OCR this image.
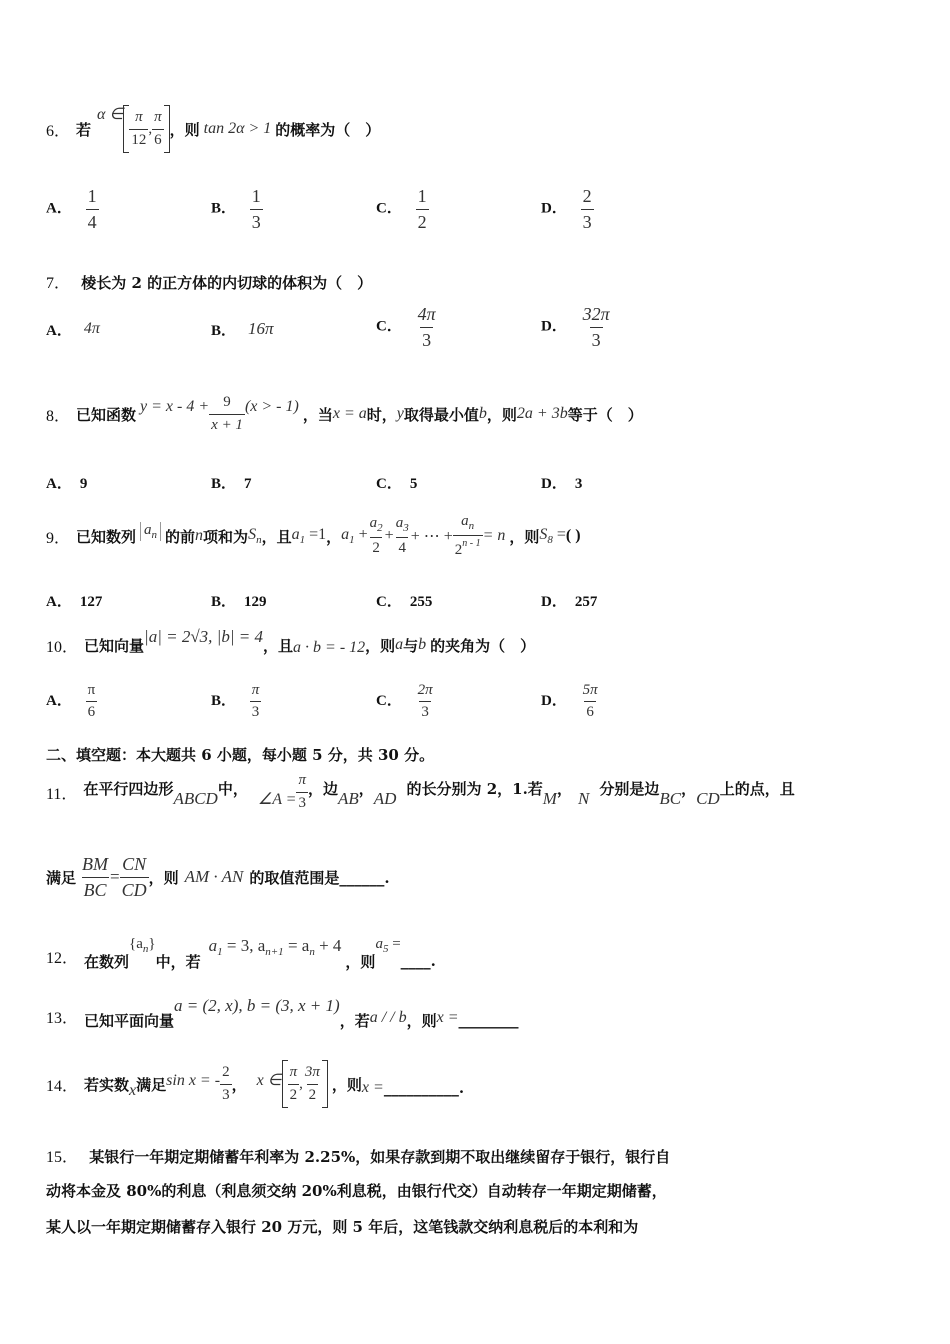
6． 若
α ∈ $\frac{\pi}{12}$ , $\frac{\pi}{6}$ ，则 tan 2α > 1 的概率为（　）
A． $\frac{1}{4}$	B． $\frac{1}{3}$	C． $\frac{1}{2}$	D． $\frac{2}{3}$
7． 棱长为 2 的正方体的内切球的体积为（　）
A． 4π	B． 16π	C． $\frac{4\pi}{3}$	D． $\frac{32\pi}{3}$
8． 已知函数 $y = x - 4 + \frac{9}{x + 1} (x$ > - 1) ，当 x = a 时， y 取得最小值 b ，则 2a + 3b 等于（　）
A． 9	B． 7	C． 5	D． 3
9． 已知数列 $a_n$ 的前 n 项和为 $S_n$ ，且 $a_1 =1$ ， $a_1 + \frac{a_2}{2} + \frac{a_3}{4}$ + ⋯ + $\frac{a_n}{2^{n - 1}} = n$ ，则 $S_8$ = ( )
A． 127	B． 129	C． 255	D． 257
10． 已知向量 |a| = 2√3, |b| = 4 ，且 a · b = - 12 ，则 a 与 b 的夹角为（　）
A． $\frac{\pi}{6}$	B． $\frac{\pi}{3}$	C． $\frac{2\pi}{3}$	D． $\frac{5\pi}{6}$
二、填空题：本大题共 6 小题，每小题 5 分，共 30 分。
11． 在平行四边形 ABCD 中，
∠A = $\frac{\pi}{3}$ ，边 AB ， AD 的长分别为 2，1.若 M ， N 分别是边 BC ， CD 上的点，且
满足 $\frac{BM}{BC} = \frac{CN}{CD}$ ，则 AM · AN 的取值范围是______.
12． 在数列
$\{a_n\}$
中，若
$a_1 = 3$, $a_{n+1} = a_n + 4$
，则
$a_5$ =
____.
13． 已知平面向量
a = (2, x), b = (3, x + 1)
，若 a / / b ，则 x = ________
14． 若实数 x 满足 sin x = - $\frac{2}{3}$ ， x ∈ $\frac{\pi}{2}$ , $\frac{3\pi}{2}$ ，则 x = __________.
15． 某银行一年期定期储蓄年利率为 2.25%，如果存款到期不取出继续留存于银行，银行自
动将本金及 80%的利息（利息须交纳 20%利息税，由银行代交）自动转存一年期定期储蓄，
某人以一年期定期储蓄存入银行 20 万元，则 5 年后，这笔钱款交纳利息税后的本利和为
